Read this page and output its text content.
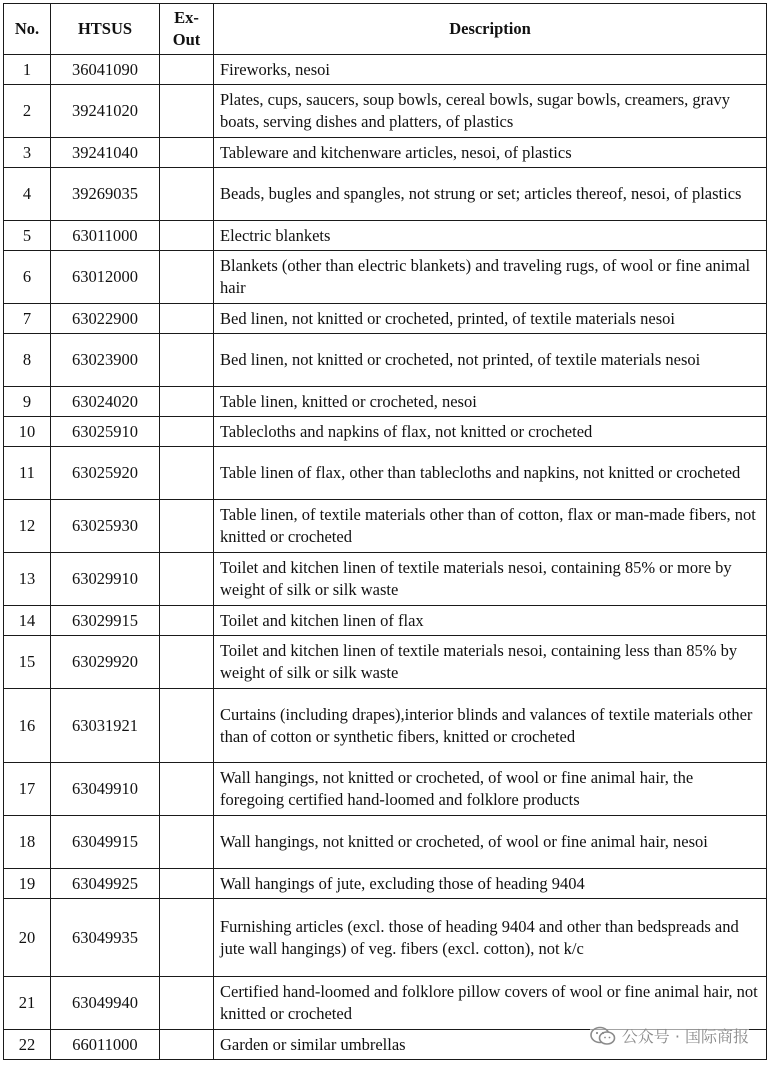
No.	HTSUS	Ex-Out	Description
1	36041090		Fireworks, nesoi
2	39241020		Plates, cups, saucers, soup bowls, cereal bowls, sugar bowls, creamers, gravy boats, serving dishes and platters, of plastics
3	39241040		Tableware and kitchenware articles, nesoi, of plastics
4	39269035		Beads, bugles and spangles, not strung or set; articles thereof, nesoi, of plastics
5	63011000		Electric blankets
6	63012000		Blankets (other than electric blankets) and traveling rugs, of wool or fine animal hair
7	63022900		Bed linen, not knitted or crocheted, printed, of textile materials nesoi
8	63023900		Bed linen, not knitted or crocheted, not printed, of textile materials nesoi
9	63024020		Table linen, knitted or crocheted, nesoi
10	63025910		Tablecloths and napkins of flax, not knitted or crocheted
11	63025920		Table linen of flax, other than tablecloths and napkins, not knitted or crocheted
12	63025930		Table linen, of textile materials other than of cotton, flax or man-made fibers, not knitted or crocheted
13	63029910		Toilet and kitchen linen of textile materials nesoi, containing 85% or more by weight of silk or silk waste
14	63029915		Toilet and kitchen linen of flax
15	63029920		Toilet and kitchen linen of textile materials nesoi, containing less than 85% by weight of silk or silk waste
16	63031921		Curtains (including drapes),interior blinds and valances of textile materials other than of cotton or synthetic fibers, knitted or crocheted
17	63049910		Wall hangings, not knitted or crocheted, of wool or fine animal hair, the foregoing certified hand-loomed and folklore products
18	63049915		Wall hangings, not knitted or crocheted, of wool or fine animal hair, nesoi
19	63049925		Wall hangings of jute, excluding those of heading 9404
20	63049935		Furnishing articles (excl. those of heading 9404 and other than bedspreads and jute wall hangings) of veg. fibers (excl. cotton), not k/c
21	63049940		Certified hand-loomed and folklore pillow covers of wool or fine animal hair, not knitted or crocheted
22	66011000		Garden or similar umbrellas	公众号 · 国际商报
